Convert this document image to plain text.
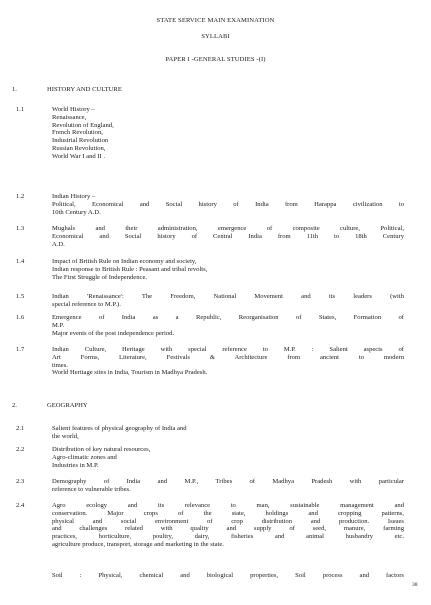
STATE SERVICE MAIN EXAMINATION
SYLLABI
PAPER I -GENERAL STUDIES -(I)
1.	HISTORY AND CULTURE
1.1	World History –
Renaissance,
Revolution of England,
French Revolution,
Industrial Revolution
Russian Revolution,
World War I and II .
1.2	Indian History –
Political, Economical and Social history of India from Harappa civilization to
10th Century A.D.
1.3	Mughals and their administration, emergence of composite culture, Political,
Economical and Social history of Central India from 11th to 18th Century
A.D.
1.4	Impact of British Rule on Indian economy and society,
Indian response to British Rule : Peasant and tribal revolts,
The First Struggle of Independence.
1.5	Indian 'Renaissance': The Freedom, National Movement and its leaders (with
special reference to M.P.).
1.6	Emergence of India as a Republic, Reorganisation of States, Formation of
M.P.
Major events of the post independence period.
1.7	Indian Culture, Heritage with special reference to M.P. : Salient aspects of
Art Forms, Literature, Festivals & Architecture from ancient to modern
times.
World Heritage sites in India, Tourism in Madhya Pradesh.
2.	GEOGRAPHY
2.1	Salient features of physical geography of India and
the world,
2.2	Distribution of key natural resources,
Agro-climatic zones and
Industries in M.P.
2.3	Demography of India and M.P., Tribes of Madhya Pradesh with particular
reference to vulnerable tribes.
2.4	Agro ecology and its relevance to man, sustainable management and
conservation. Major crops of the state, holdings and cropping patterns,
physical and social environment of crop distribution and production. Issues
and challenges related with quality and supply of seed, manure, farming
practices, horticulture, poultry, dairy, fisheries and animal husbandry etc.
agriculture produce, transport, storage and marketing in the state.
Soil : Physical, chemical and biological properties, Soil process and factors
38
